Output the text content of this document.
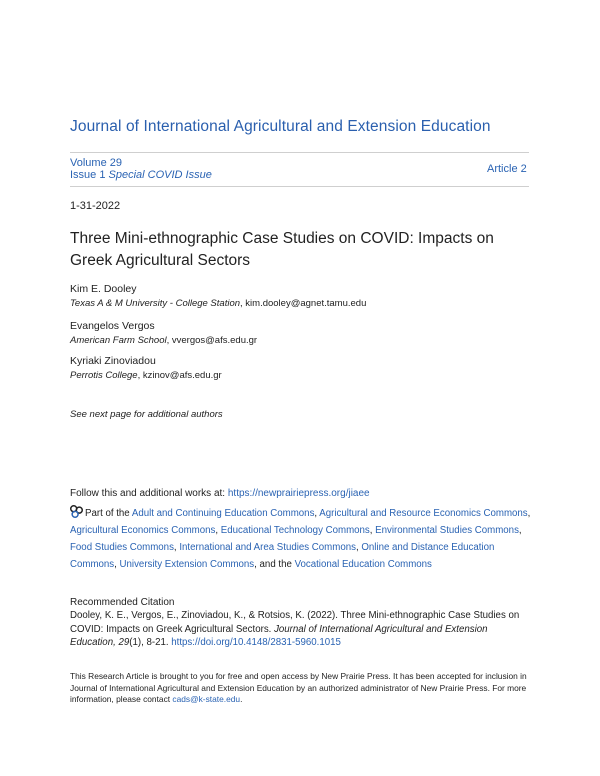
Journal of International Agricultural and Extension Education
Volume 29
Issue 1 Special COVID Issue	Article 2
1-31-2022
Three Mini-ethnographic Case Studies on COVID: Impacts on Greek Agricultural Sectors
Kim E. Dooley
Texas A & M University - College Station, kim.dooley@agnet.tamu.edu
Evangelos Vergos
American Farm School, vvergos@afs.edu.gr
Kyriaki Zinoviadou
Perrotis College, kzinov@afs.edu.gr
See next page for additional authors
Follow this and additional works at: https://newprairiepress.org/jiaee
Part of the Adult and Continuing Education Commons, Agricultural and Resource Economics Commons, Agricultural Economics Commons, Educational Technology Commons, Environmental Studies Commons, Food Studies Commons, International and Area Studies Commons, Online and Distance Education Commons, University Extension Commons, and the Vocational Education Commons
Recommended Citation
Dooley, K. E., Vergos, E., Zinoviadou, K., & Rotsios, K. (2022). Three Mini-ethnographic Case Studies on COVID: Impacts on Greek Agricultural Sectors. Journal of International Agricultural and Extension Education, 29(1), 8-21. https://doi.org/10.4148/2831-5960.1015
This Research Article is brought to you for free and open access by New Prairie Press. It has been accepted for inclusion in Journal of International Agricultural and Extension Education by an authorized administrator of New Prairie Press. For more information, please contact cads@k-state.edu.
